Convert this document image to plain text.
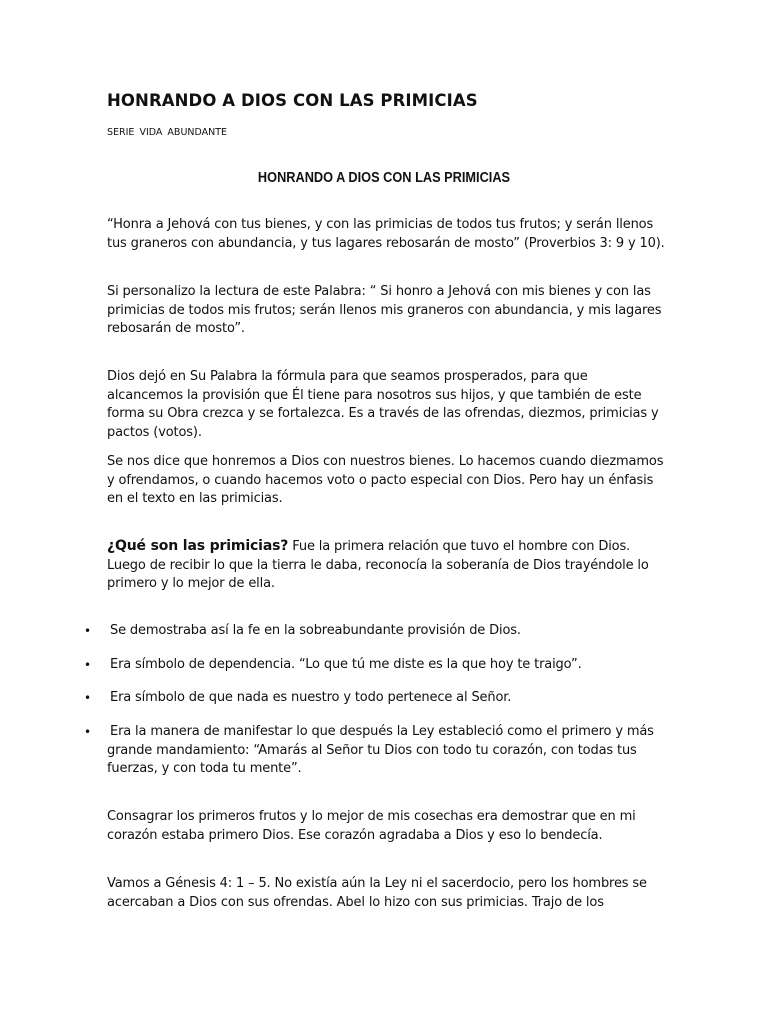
HONRANDO A DIOS CON LAS PRIMICIAS

SERIE VIDA ABUNDANTE

HONRANDO A DIOS CON LAS PRIMICIAS

“Honra a Jehová con tus bienes, y con las primicias de todos tus frutos; y serán llenos tus graneros con abundancia, y tus lagares rebosarán de mosto” (Proverbios 3: 9 y 10).

Si personalizo la lectura de este Palabra: “ Si honro a Jehová con mis bienes y con las primicias de todos mis frutos; serán llenos mis graneros con abundancia, y mis lagares rebosarán de mosto”.

Dios dejó en Su Palabra la fórmula para que seamos prosperados, para que alcancemos la provisión que Él tiene para nosotros sus hijos, y que también de este forma su Obra crezca y se fortalezca. Es a través de las ofrendas, diezmos, primicias y pactos (votos).

Se nos dice que honremos a Dios con nuestros bienes. Lo hacemos cuando diezmamos y ofrendamos, o cuando hacemos voto o pacto especial con Dios. Pero hay un énfasis en el texto en las primicias.

¿Qué son las primicias? Fue la primera relación que tuvo el hombre con Dios. Luego de recibir lo que la tierra le daba, reconocía la soberanía de Dios trayéndole lo primero y lo mejor de ella.

• Se demostraba así la fe en la sobreabundante provisión de Dios.
• Era símbolo de dependencia. “Lo que tú me diste es la que hoy te traigo”.
• Era símbolo de que nada es nuestro y todo pertenece al Señor.
• Era la manera de manifestar lo que después la Ley estableció como el primero y más grande mandamiento: “Amarás al Señor tu Dios con todo tu corazón, con todas tus fuerzas, y con toda tu mente”.

Consagrar los primeros frutos y lo mejor de mis cosechas era demostrar que en mi corazón estaba primero Dios. Ese corazón agradaba a Dios y eso lo bendecía.

Vamos a Génesis 4: 1 – 5. No existía aún la Ley ni el sacerdocio, pero los hombres se acercaban a Dios con sus ofrendas. Abel lo hizo con sus primicias. Trajo de los
